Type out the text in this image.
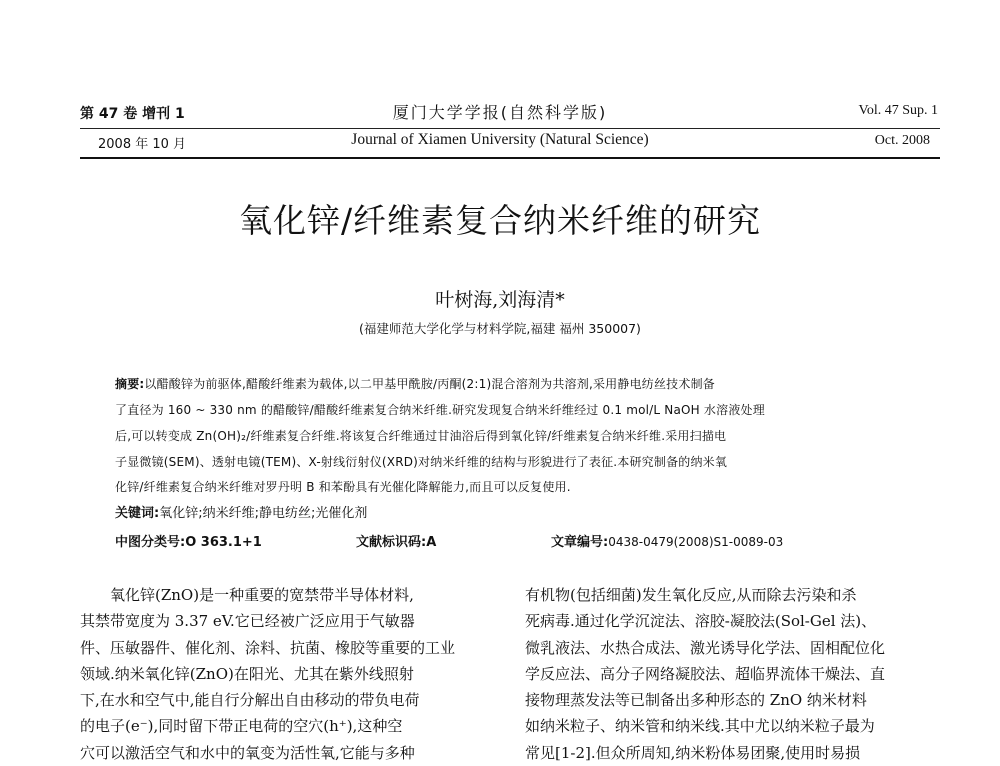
第 47 卷 增刊 1
2008 年 10 月
厦门大学学报(自然科学版)
Journal of Xiamen University (Natural Science)
Vol. 47 Sup. 1
Oct. 2008
氧化锌/纤维素复合纳米纤维的研究
叶树海,刘海清*
(福建师范大学化学与材料学院,福建 福州 350007)
摘要:以醋酸锌为前驱体,醋酸纤维素为载体,以二甲基甲酰胺/丙酮(2:1)混合溶剂为共溶剂,采用静电纺丝技术制备
了直径为 160 ~ 330 nm 的醋酸锌/醋酸纤维素复合纳米纤维.研究发现复合纳米纤维经过 0.1 mol/L NaOH 水溶液处理
后,可以转变成 Zn(OH)₂/纤维素复合纤维.将该复合纤维通过甘油浴后得到氧化锌/纤维素复合纳米纤维.采用扫描电
子显微镜(SEM)、透射电镜(TEM)、X-射线衍射仪(XRD)对纳米纤维的结构与形貌进行了表征.本研究制备的纳米氧
化锌/纤维素复合纳米纤维对罗丹明 B 和苯酚具有光催化降解能力,而且可以反复使用.
关键词:氧化锌;纳米纤维;静电纺丝;光催化剂
中图分类号:O 363.1+1	文献标识码:A	文章编号:0438-0479(2008)S1-0089-03
　　氧化锌(ZnO)是一种重要的宽禁带半导体材料,
其禁带宽度为 3.37 eV.它已经被广泛应用于气敏器
件、压敏器件、催化剂、涂料、抗菌、橡胶等重要的工业
领域.纳米氧化锌(ZnO)在阳光、尤其在紫外线照射
下,在水和空气中,能自行分解出自由移动的带负电荷
的电子(e⁻),同时留下带正电荷的空穴(h⁺),这种空
穴可以激活空气和水中的氧变为活性氧,它能与多种
有机物(包括细菌)发生氧化反应,从而除去污染和杀
死病毒.通过化学沉淀法、溶胶-凝胶法(Sol-Gel 法)、
微乳液法、水热合成法、激光诱导化学法、固相配位化
学反应法、高分子网络凝胶法、超临界流体干燥法、直
接物理蒸发法等已制备出多种形态的 ZnO 纳米材料
如纳米粒子、纳米管和纳米线.其中尤以纳米粒子最为
常见[1-2].但众所周知,纳米粉体易团聚,使用时易损
